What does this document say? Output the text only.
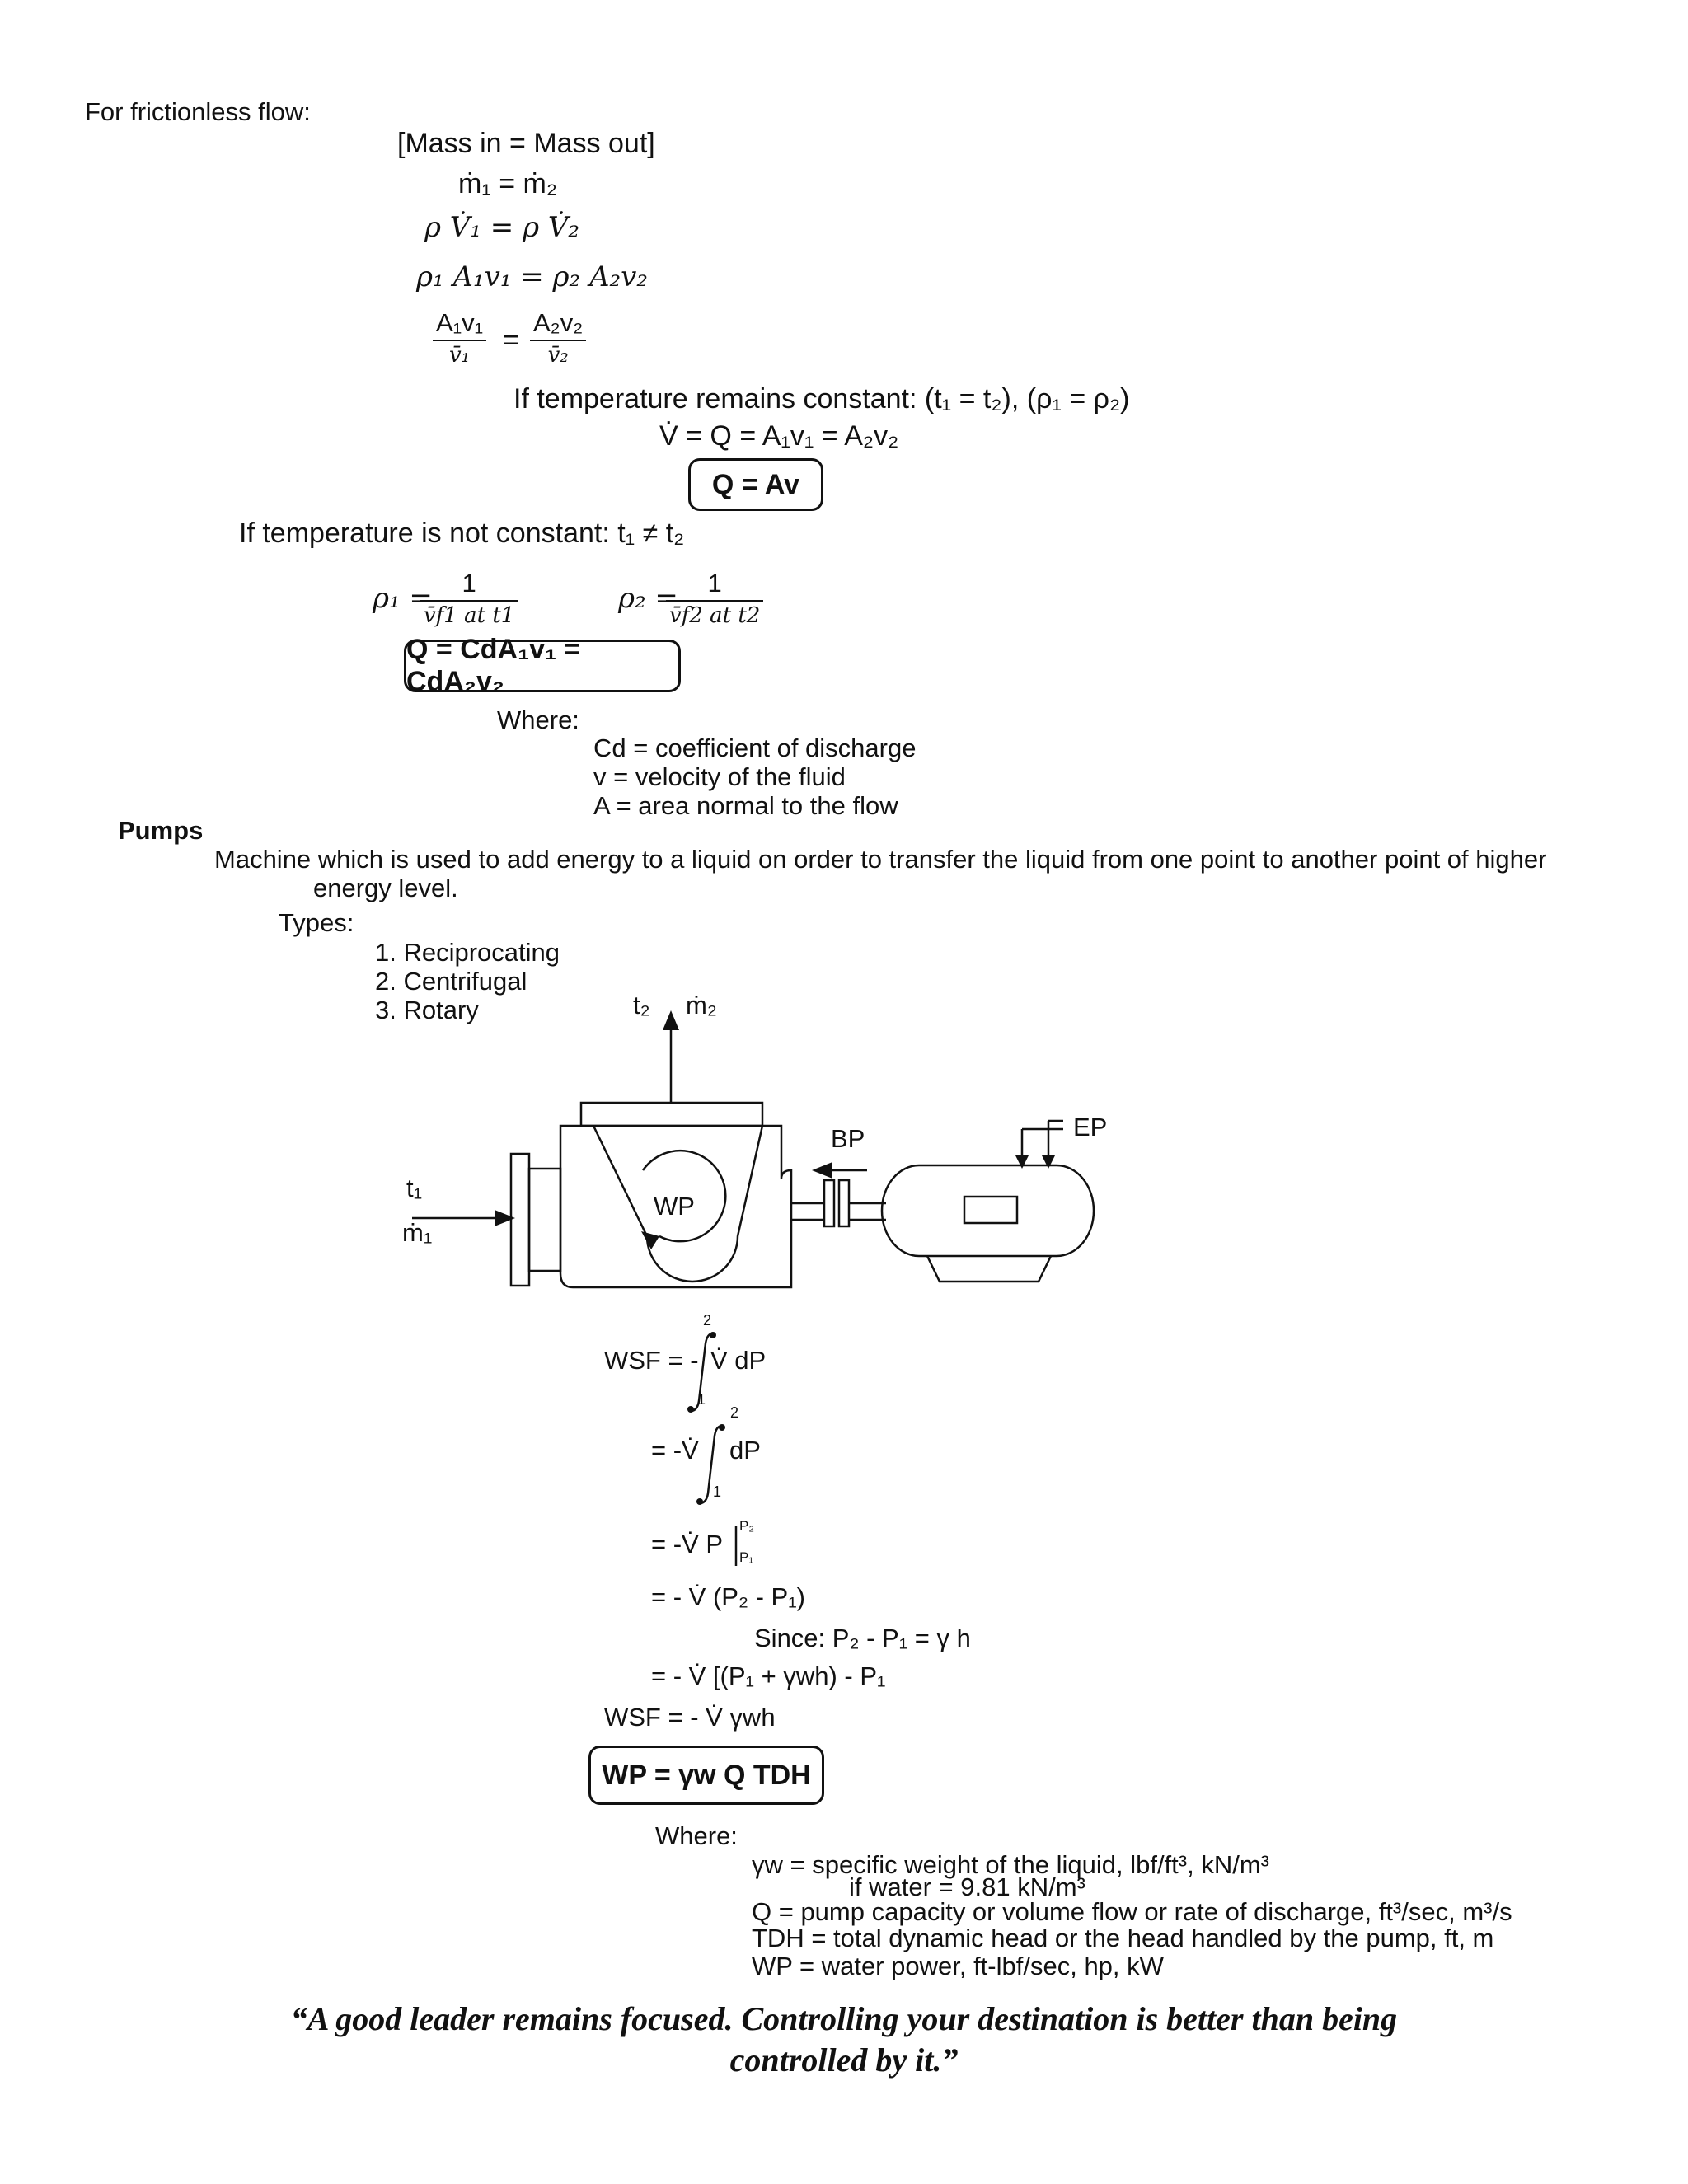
For frictionless flow:
[Mass in = Mass out]
ṁ₁ = ṁ₂
ρ V̇₁ = ρ V̇₂
ρ₁ A₁v₁ = ρ₂ A₂v₂
A₁v₁
v̄₁ =
A₂v₂
v̄₂
If temperature remains constant: (t₁ = t₂), (ρ₁ = ρ₂)
V̇ = Q = A₁v₁ = A₂v₂
Q = Av
If temperature is not constant: t₁ ≠ t₂
ρ₁ = 1
v̄f1 at t1
ρ₂ = 1
v̄f2 at t2
Q = CdA₁v₁ = CdA₂v₂
Where:
Cd = coefficient of discharge
v = velocity of the fluid
A = area normal to the flow
Pumps
Machine which is used to add energy to a liquid on order to transfer the liquid from one point to another point of higher
energy level.
Types:
1. Reciprocating
2. Centrifugal
3. Rotary	t₂ ṁ₂
t₁
ṁ₁
WP
BP	EP
WSF = -
2
1
V̇ dP
= -V̇
2
1
dP
= -V̇ P
P₂
P₁
= - V̇ (P₂ - P₁)
Since: P₂ - P₁ = γ h
= - V̇ [(P₁ + γwh) - P₁
WSF = - V̇ γwh
WP = γw Q TDH
Where:
γw = specific weight of the liquid, lbf/ft³, kN/m³
if water = 9.81 kN/m³
Q = pump capacity or volume flow or rate of discharge, ft³/sec, m³/s
TDH = total dynamic head or the head handled by the pump, ft, m
WP = water power, ft-lbf/sec, hp, kW
“A good leader remains focused. Controlling your destination is better than being
controlled by it.”
